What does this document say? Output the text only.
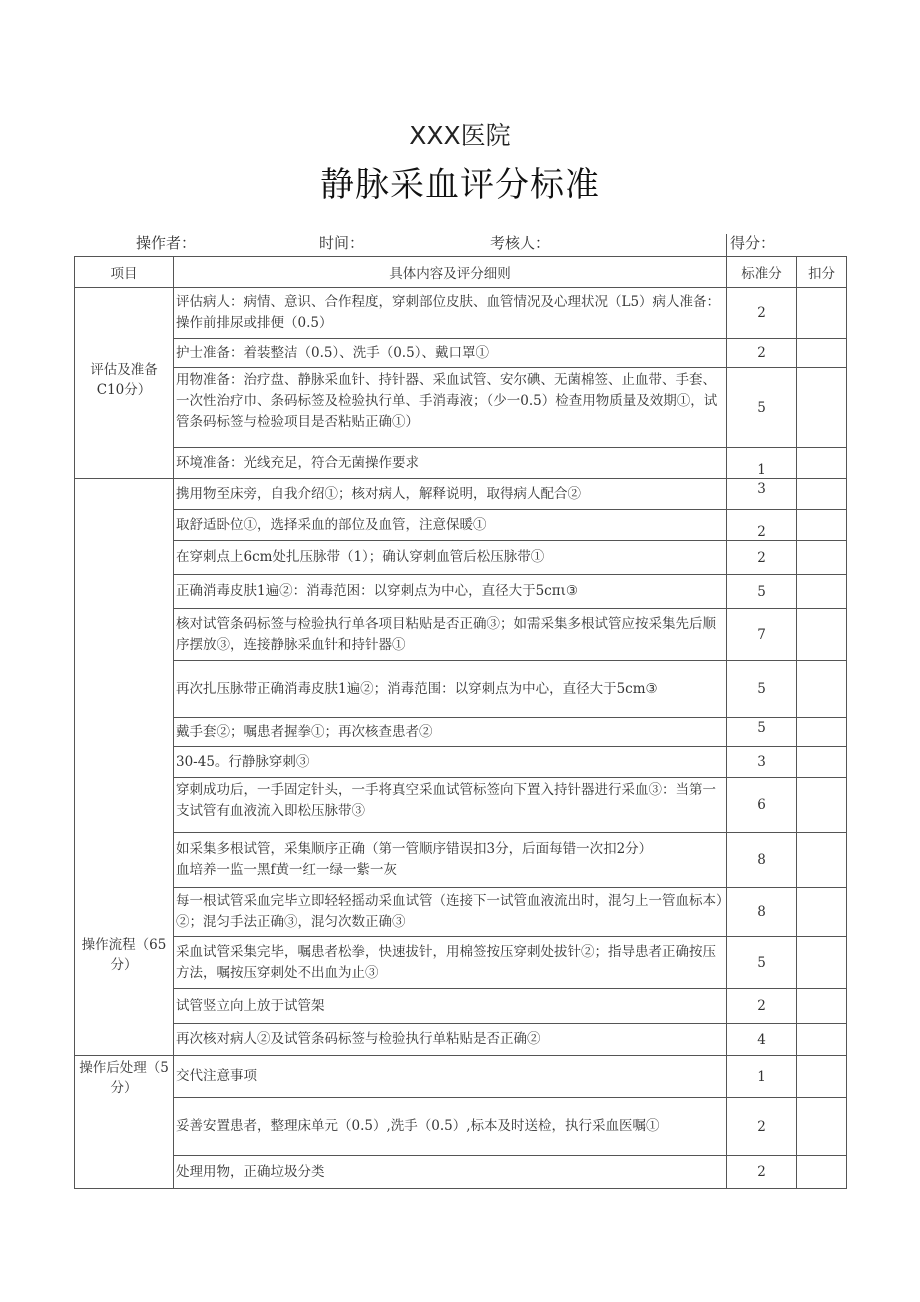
XXX医院
静脉采血评分标准
操作者：	时间：	考核人：	得分：
项目	具体内容及评分细则	标准分	扣分
评估及准备C10分）	评估病人：病情、意识、合作程度，穿刺部位皮肤、血管情况及心理状况（L5）病人准备：操作前排尿或排便（0.5）	2	
	护士准备：着装整洁（0.5）、洗手（0.5）、戴口罩①	2	
	用物准备：治疗盘、静脉采血针、持针器、采血试管、安尔碘、无菌棉签、止血带、手套、一次性治疗巾、条码标签及检验执行单、手消毒液；（少一0.5）检查用物质量及效期①，试管条码标签与检验项目是否粘贴正确①）	5	
	环境准备：光线充足，符合无菌操作要求	1	
操作流程（65分）	携用物至床旁，自我介绍①；核对病人，解释说明，取得病人配合②	3	
	取舒适卧位①，选择采血的部位及血管，注意保暖①	2	
	在穿刺点上6cm处扎压脉带（1）；确认穿刺血管后松压脉带①	2	
	正确消毒皮肤1遍②：消毒范困：以穿刺点为中心，直径大于5cπι③	5	
	核对试管条码标签与检验执行单各项目粘贴是否正确③；如需采集多根试管应按采集先后顺序摆放③，连接静脉采血针和持针器①	7	
	再次扎压脉带正确消毒皮肤1遍②；消毒范围：以穿刺点为中心，直径大于5cm③	5	
	戴手套②；嘱患者握拳①；再次核查患者②	5	
	30-45。行静脉穿刺③	3	
	穿刺成功后，一手固定针头，一手将真空采血试管标签向下置入持针器进行采血③：当第一支试管有血液流入即松压脉带③	6	
	如采集多根试管，采集顺序正确（第一管顺序错误扣3分，后面每错一次扣2分）血培养一监一黑f黄一红一绿一紫一灰	8	
	每一根试管采血完毕立即轻轻摇动采血试管（连接下一试管血液流出时，混匀上一管血标本）②；混匀手法正确③，混匀次数正确③	8	
	采血试管采集完毕，嘱患者松拳，快速拔针，用棉签按压穿刺处拔针②；指导患者正确按压方法，嘱按压穿刺处不出血为止③	5	
	试管竖立向上放于试管架	2	
	再次核对病人②及试管条码标签与检验执行单粘贴是否正确②	4	
操作后处理（5分）	交代注意事项	1	
	妥善安置患者，整理床单元（0.5）,洗手（0.5）,标本及时送检，执行采血医嘱①	2	
	处理用物，正确垃圾分类	2	
